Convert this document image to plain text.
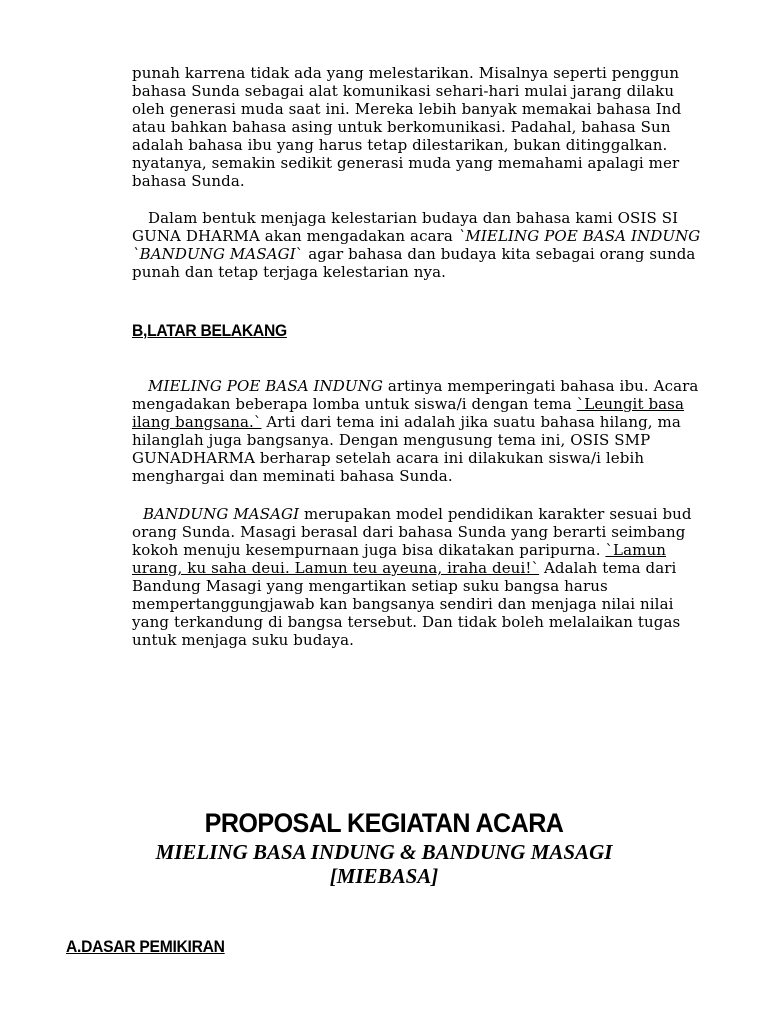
punah karrena tidak ada yang melestarikan. Misalnya seperti penggun
bahasa Sunda sebagai alat komunikasi sehari-hari mulai jarang dilaku
oleh generasi muda saat ini. Mereka lebih banyak memakai bahasa Ind
atau bahkan bahasa asing untuk berkomunikasi. Padahal, bahasa Sun
adalah bahasa ibu yang harus tetap dilestarikan, bukan ditinggalkan.
nyatanya, semakin sedikit generasi muda yang memahami apalagi mer
bahasa Sunda.
Dalam bentuk menjaga kelestarian budaya dan bahasa kami OSIS SI
GUNA DHARMA akan mengadakan acara `MIELING POE BASA INDUNG
`BANDUNG MASAGI` agar bahasa dan budaya kita sebagai orang sunda
punah dan tetap terjaga kelestarian nya.
B,LATAR BELAKANG
MIELING POE BASA INDUNG artinya memperingati bahasa ibu. Acara
mengadakan beberapa lomba untuk siswa/i dengan tema `Leungit basa
ilang bangsana.` Arti dari tema ini adalah jika suatu bahasa hilang, ma
hilanglah juga bangsanya. Dengan mengusung tema ini, OSIS SMP
GUNADHARMA berharap setelah acara ini dilakukan siswa/i lebih
menghargai dan meminati bahasa Sunda.
BANDUNG MASAGI merupakan model pendidikan karakter sesuai bud
orang Sunda. Masagi berasal dari bahasa Sunda yang berarti seimbang
kokoh menuju kesempurnaan juga bisa dikatakan paripurna. `Lamun
urang, ku saha deui. Lamun teu ayeuna, iraha deui!` Adalah tema dari
Bandung Masagi yang mengartikan setiap suku bangsa harus
mempertanggungjawab kan bangsanya sendiri dan menjaga nilai nilai
yang terkandung di bangsa tersebut. Dan tidak boleh melalaikan tugas
untuk menjaga suku budaya.
PROPOSAL KEGIATAN ACARA
MIELING BASA INDUNG & BANDUNG MASAGI
[MIEBASA]
A.DASAR PEMIKIRAN
